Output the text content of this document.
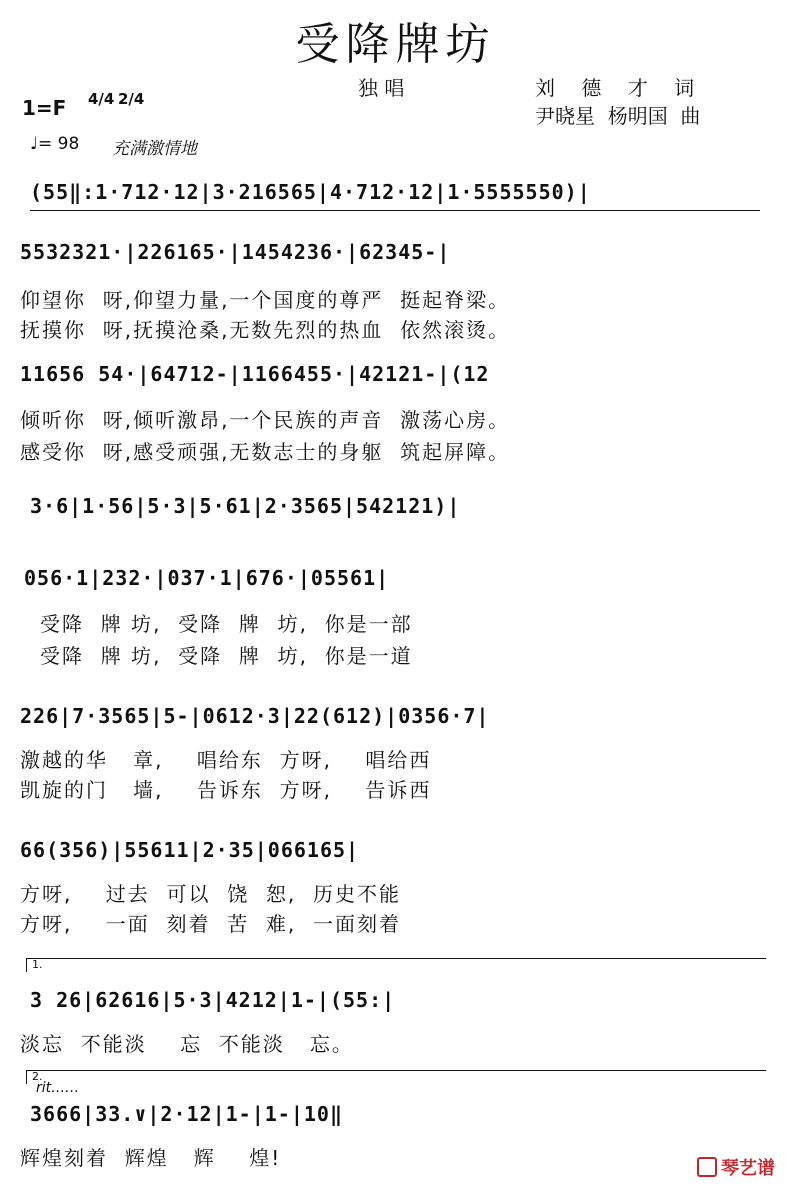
受降牌坊
独 唱	刘 德 才 词
尹晓星  杨明国  曲
1=F 4/4 2/4
♩= 98 充满激情地
(55‖:1·712·12|3·216565|4·712·12|1·5555550)|
5532321·|226165·|1454236·|62345-|
仰望你  呀,仰望力量,一个国度的尊严  挺起脊梁。
抚摸你  呀,抚摸沧桑,无数先烈的热血  依然滚烫。
11656 54·|64712-|1166455·|42121-|(12
倾听你  呀,倾听激昂,一个民族的声音  激荡心房。
感受你  呀,感受顽强,无数志士的身躯  筑起屏障。
3·6|1·56|5·3|5·61|2·3565|542121)|
056·1|232·|037·1|676·|05561|
受降  牌 坊,  受降  牌  坊,  你是一部
受降  牌 坊,  受降  牌  坊,  你是一道
226|7·3565|5-|0612·3|22(612)|0356·7|
激越的华   章,    唱给东  方呀,    唱给西
凯旋的门   墙,    告诉东  方呀,    告诉西
66(356)|55611|2·35|066165|
方呀,    过去  可以  饶  恕,  历史不能
方呀,    一面  刻着  苦  难,  一面刻着
1.
3 26|62616|5·3|4212|1-|(55:|
淡忘  不能淡    忘  不能淡   忘。
2.
rit……
3666|33.∨|2·12|1-|1-|10‖
辉煌刻着  辉煌   辉    煌!	琴艺谱
